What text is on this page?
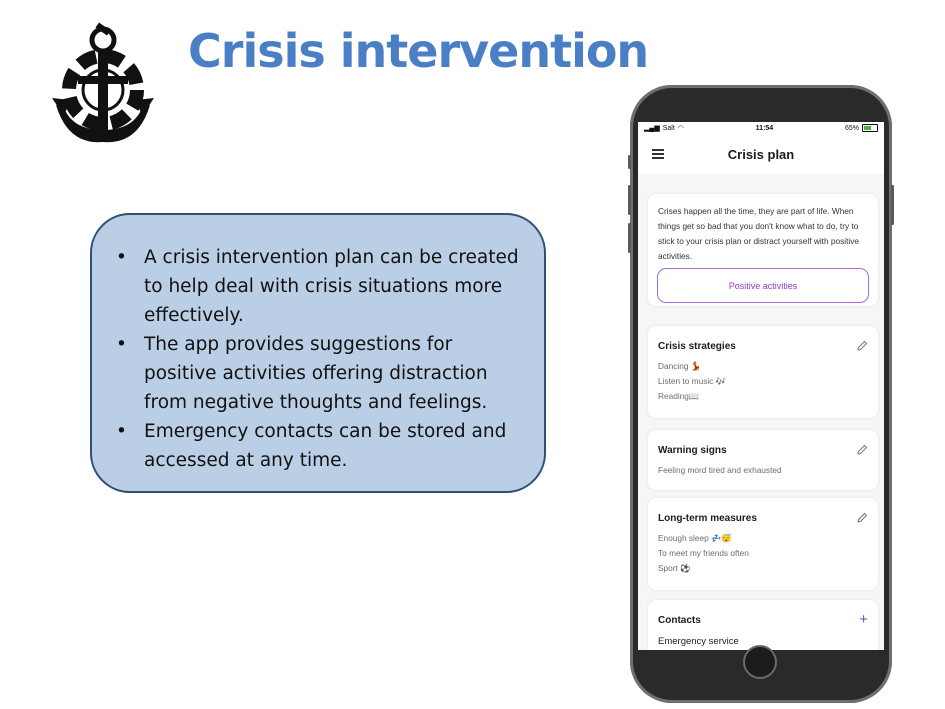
Crisis intervention
• A crisis intervention plan can be created to help deal with crisis situations more effectively.
• The app provides suggestions for positive activities offering distraction from negative thoughts and feelings.
• Emergency contacts can be stored and accessed at any time.
▂▄▆ Salt ◠	11:54	65%
Crisis plan
Crises happen all the time, they are part of life. When things get so bad that you don't know what to do, try to stick to your crisis plan or distract yourself with positive activities.
Positive activities
Crisis strategies
Dancing 💃
Listen to music 🎶
Reading📖
Warning signs
Feeling mord tired and exhausted
Long-term measures
Enough sleep 💤😴
To meet my friends often
Sport ⚽
Contacts	+
Emergency service
